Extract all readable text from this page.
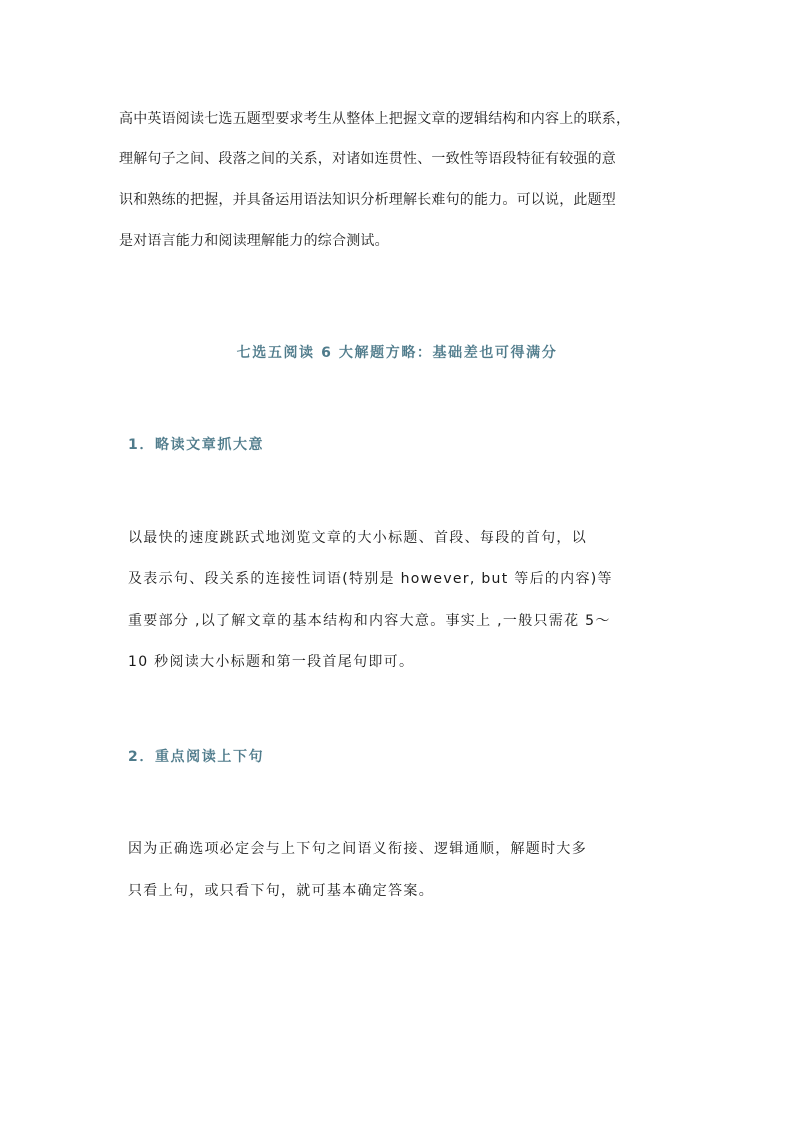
高中英语阅读七选五题型要求考生从整体上把握文章的逻辑结构和内容上的联系，

理解句子之间、段落之间的关系，对诸如连贯性、一致性等语段特征有较强的意

识和熟练的把握，并具备运用语法知识分析理解长难句的能力。可以说，此题型

是对语言能力和阅读理解能力的综合测试。

七选五阅读 6 大解题方略：基础差也可得满分
1．略读文章抓大意

以最快的速度跳跃式地浏览文章的大小标题、首段、每段的首句，以

及表示句、段关系的连接性词语(特别是 however, but 等后的内容)等

重要部分 ,以了解文章的基本结构和内容大意。事实上 ,一般只需花 5～

10 秒阅读大小标题和第一段首尾句即可。

2．重点阅读上下句

因为正确选项必定会与上下句之间语义衔接、逻辑通顺，解题时大多

只看上句，或只看下句，就可基本确定答案。
